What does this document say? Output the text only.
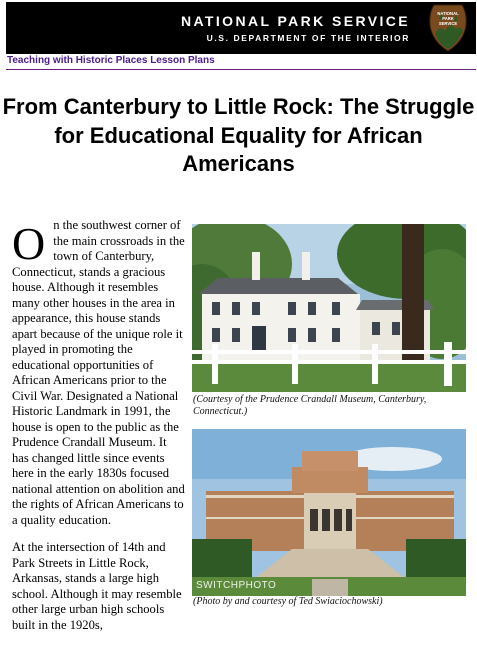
NATIONAL PARK SERVICE
U.S. DEPARTMENT OF THE INTERIOR
NATIONAL
PARK
SERVICE
Teaching with Historic Places Lesson Plans
From Canterbury to Little Rock: The Struggle for Educational Equality for African Americans

On the southwest corner of the main crossroads in the town of Canterbury, Connecticut, stands a gracious house. Although it resembles many other houses in the area in appearance, this house stands apart because of the unique role it played in promoting the educational opportunities of African Americans prior to the Civil War. Designated a National Historic Landmark in 1991, the house is open to the public as the Prudence Crandall Museum. It has changed little since events here in the early 1830s focused national attention on abolition and the rights of African Americans to a quality education.

At the intersection of 14th and Park Streets in Little Rock, Arkansas, stands a large high school. Although it may resemble other large urban high schools built in the 1920s,

(Courtesy of the Prudence Crandall Museum, Canterbury, Connecticut.)

SWITCHPHOTO

(Photo by and courtesy of Ted Swiaciochowski)
